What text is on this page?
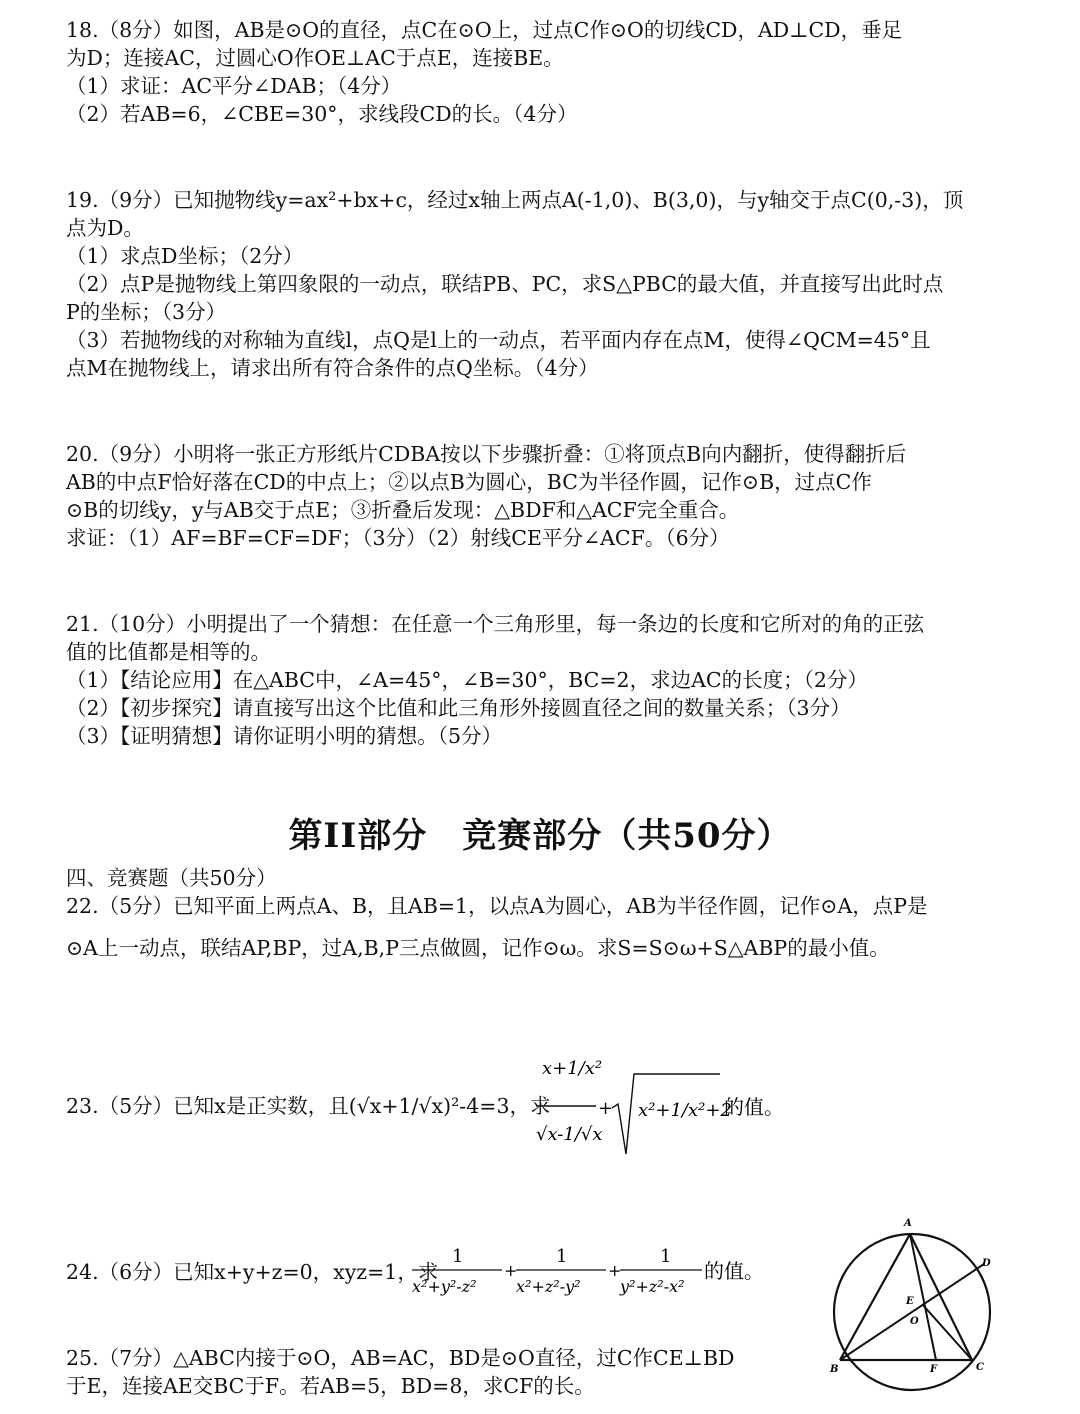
18.（8分）如图，AB是⊙O的直径，点C在⊙O上，过点C作⊙O的切线CD，AD⊥CD，垂足
为D；连接AC，过圆心O作OE⊥AC于点E，连接BE。
（1）求证：AC平分∠DAB；（4分）
（2）若AB=6，∠CBE=30°，求线段CD的长。（4分）
19.（9分）已知抛物线y=ax²+bx+c，经过x轴上两点A(-1,0)、B(3,0)，与y轴交于点C(0,-3)，顶
点为D。
（1）求点D坐标；（2分）
（2）点P是抛物线上第四象限的一动点，联结PB、PC，求S△PBC的最大值，并直接写出此时点
P的坐标；（3分）
（3）若抛物线的对称轴为直线l，点Q是l上的一动点，若平面内存在点M，使得∠QCM=45°且
点M在抛物线上，请求出所有符合条件的点Q坐标。（4分）
20.（9分）小明将一张正方形纸片CDBA按以下步骤折叠：①将顶点B向内翻折，使得翻折后
AB的中点F恰好落在CD的中点上；②以点B为圆心，BC为半径作圆，记作⊙B，过点C作
⊙B的切线y，y与AB交于点E；③折叠后发现：△BDF和△ACF完全重合。
求证：（1）AF=BF=CF=DF；（3分）（2）射线CE平分∠ACF。（6分）
21.（10分）小明提出了一个猜想：在任意一个三角形里，每一条边的长度和它所对的角的正弦
值的比值都是相等的。
（1）【结论应用】在△ABC中，∠A=45°，∠B=30°，BC=2，求边AC的长度；（2分）
（2）【初步探究】请直接写出这个比值和此三角形外接圆直径之间的数量关系；（3分）
（3）【证明猜想】请你证明小明的猜想。（5分）
第II部分　竞赛部分（共50分）
四、竞赛题（共50分）
22.（5分）已知平面上两点A、B，且AB=1，以点A为圆心，AB为半径作圆，记作⊙A，点P是
⊙A上一动点，联结AP,BP，过A,B,P三点做圆，记作⊙ω。求S=S⊙ω+S△ABP的最小值。
23.（5分）已知x是正实数，且(√x+1/√x)²-4=3，求
x+1/x²
√x-1/√x
+ x²+1/x²+2
的值。
24.（6分）已知x+y+z=0，xyz=1，求
1
x²+y²-z²
+
1
x²+z²-y²
+
1
y²+z²-x²
的值。
25.（7分）△ABC内接于⊙O，AB=AC，BD是⊙O直径，过C作CE⊥BD
于E，连接AE交BC于F。若AB=5，BD=8，求CF的长。
A
B	C
D
E
F
O
